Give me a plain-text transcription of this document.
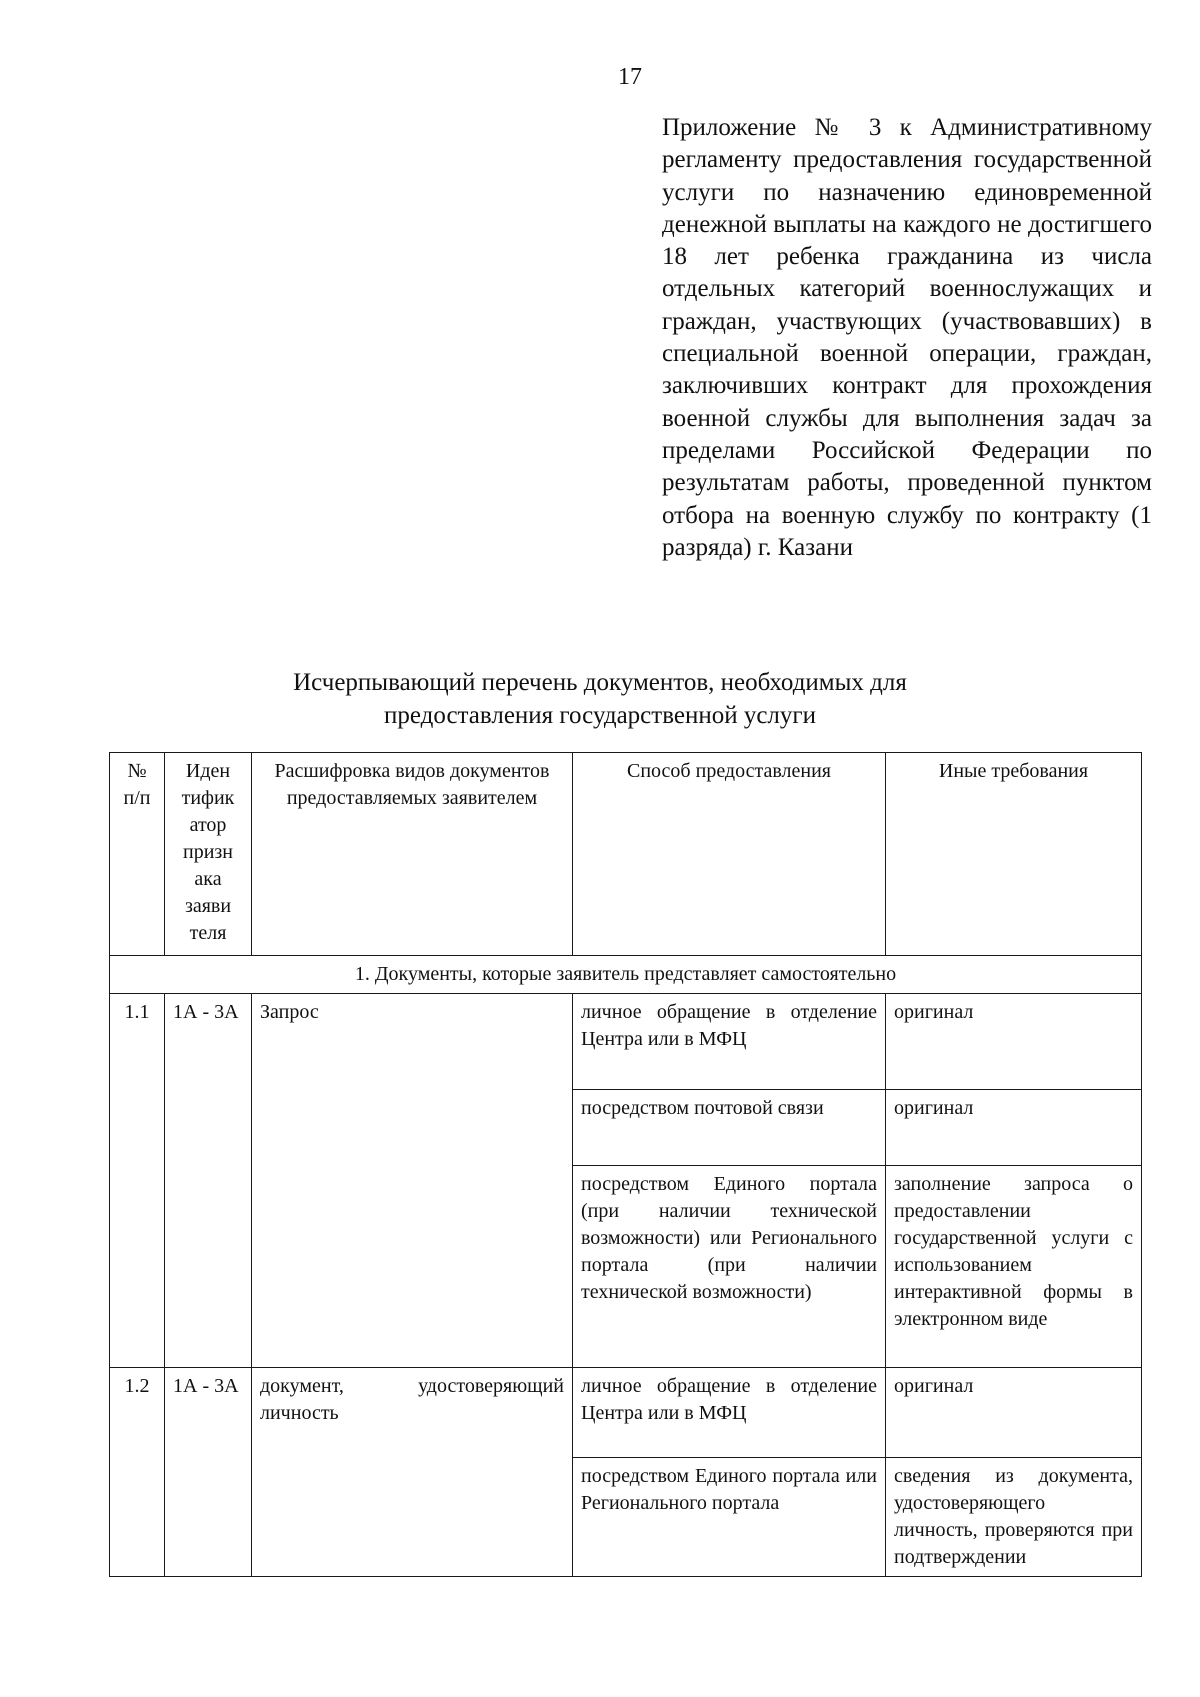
17
Приложение № 3 к Административному регламенту предоставления государственной услуги по назначению единовременной денежной выплаты на каждого не достигшего 18 лет ребенка гражданина из числа отдельных категорий военнослужащих и граждан, участвующих (участвовавших) в специальной военной операции, граждан, заключивших контракт для прохождения военной службы для выполнения задач за пределами Российской Федерации по результатам работы, проведенной пунктом отбора на военную службу по контракту (1 разряда) г. Казани
Исчерпывающий перечень документов, необходимых для
предоставления государственной услуги
№ п/п	Иден тифик атор призн ака заяви теля	Расшифровка видов документов предоставляемых заявителем	Способ предоставления	Иные требования
1. Документы, которые заявитель представляет самостоятельно				
1.1	1А - 3А	Запрос	личное обращение в отделение Центра или в МФЦ	оригинал
			посредством почтовой связи	оригинал
			посредством Единого портала (при наличии технической возможности) или Регионального портала (при наличии технической возможности)	заполнение запроса о предоставлении государственной услуги с использованием интерактивной формы в электронном виде
1.2	1А - 3А	документ, удостоверяющий личность	личное обращение в отделение Центра или в МФЦ	оригинал
			посредством Единого портала или Регионального портала	сведения из документа, удостоверяющего личность, проверяются при подтверждении
